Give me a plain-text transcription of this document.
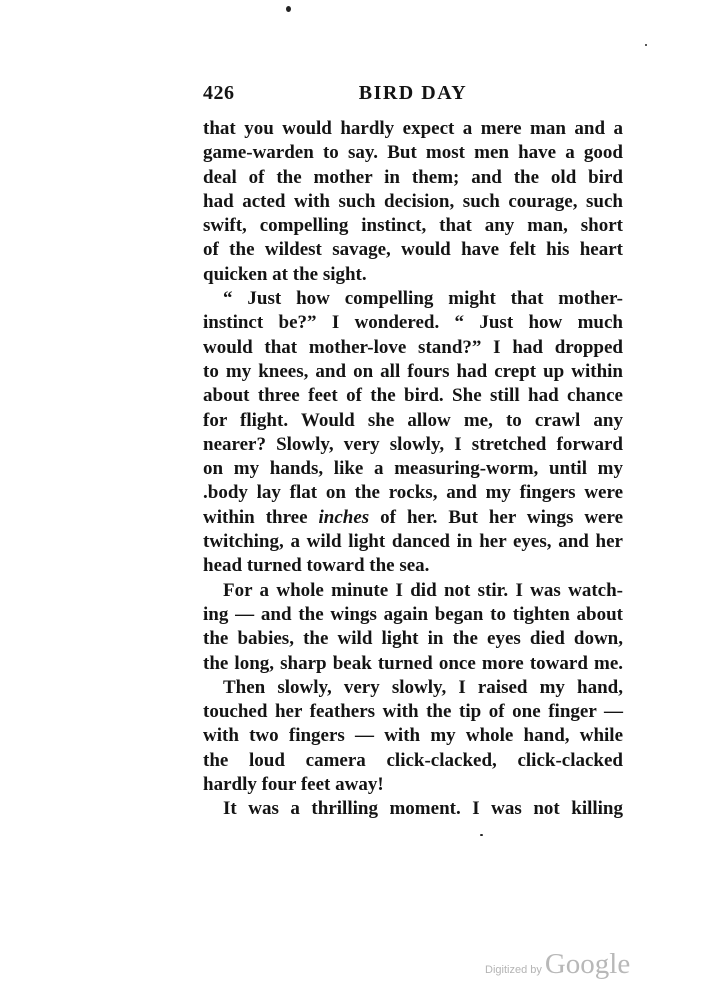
426	BIRD DAY
that you would hardly expect a mere man and a
game-warden to say. But most men have a good
deal of the mother in them; and the old bird
had acted with such decision, such courage, such
swift, compelling instinct, that any man, short
of the wildest savage, would have felt his heart
quicken at the sight.
“ Just how compelling might that mother-
instinct be?” I wondered. “ Just how much
would that mother-love stand?” I had dropped
to my knees, and on all fours had crept up within
about three feet of the bird. She still had chance
for flight. Would she allow me, to crawl any
nearer? Slowly, very slowly, I stretched forward
on my hands, like a measuring-worm, until my
.body lay flat on the rocks, and my fingers were
within three inches of her. But her wings were
twitching, a wild light danced in her eyes, and her
head turned toward the sea.
For a whole minute I did not stir. I was watch-
ing — and the wings again began to tighten about
the babies, the wild light in the eyes died down,
the long, sharp beak turned once more toward me.
Then slowly, very slowly, I raised my hand,
touched her feathers with the tip of one finger —
with two fingers — with my whole hand, while
the loud camera click-clacked, click-clacked
hardly four feet away!
It was a thrilling moment. I was not killing
Digitized by Google
